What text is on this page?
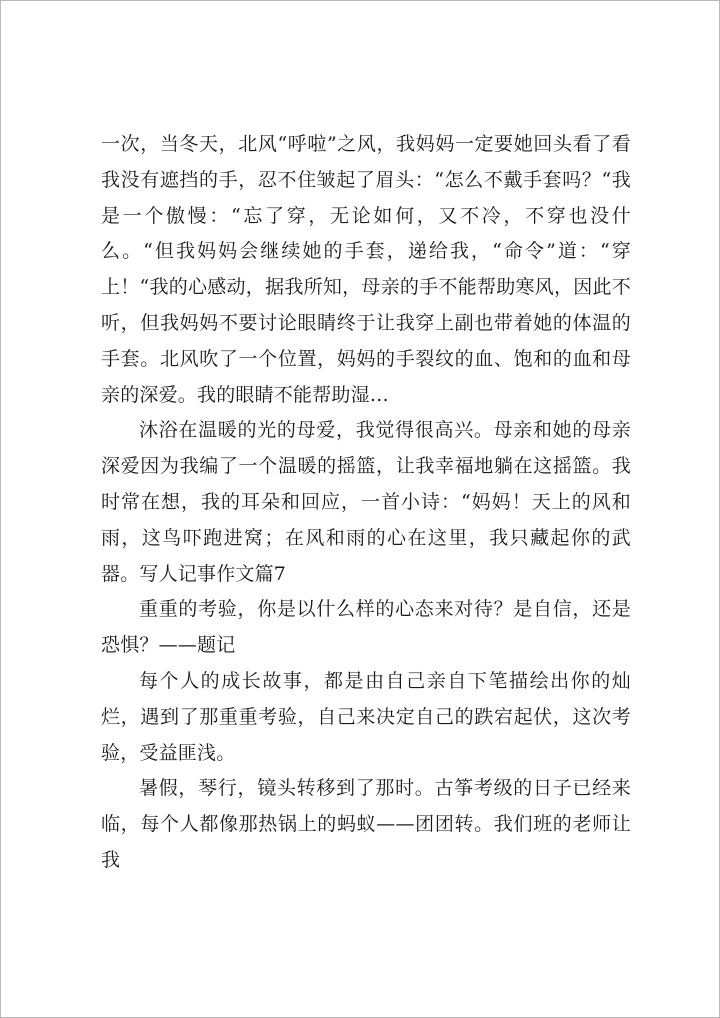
一次，当冬天，北风“呼啦”之风，我妈妈一定要她回头看了看我没有遮挡的手，忍不住皱起了眉头：“怎么不戴手套吗？“我是一个傲慢：“忘了穿，无论如何，又不冷，不穿也没什么。“但我妈妈会继续她的手套，递给我，“命令”道：“穿上！“我的心感动，据我所知，母亲的手不能帮助寒风，因此不听，但我妈妈不要讨论眼睛终于让我穿上副也带着她的体温的手套。北风吹了一个位置，妈妈的手裂纹的血、饱和的血和母亲的深爱。我的眼睛不能帮助湿…

沐浴在温暖的光的母爱，我觉得很高兴。母亲和她的母亲深爱因为我编了一个温暖的摇篮，让我幸福地躺在这摇篮。我时常在想，我的耳朵和回应，一首小诗：“妈妈！天上的风和雨，这鸟吓跑进窝；在风和雨的心在这里，我只藏起你的武器。写人记事作文篇7

重重的考验，你是以什么样的心态来对待？是自信，还是恐惧？——题记

每个人的成长故事，都是由自己亲自下笔描绘出你的灿烂，遇到了那重重考验，自己来决定自己的跌宕起伏，这次考验，受益匪浅。

暑假，琴行，镜头转移到了那时。古筝考级的日子已经来临，每个人都像那热锅上的蚂蚁——团团转。我们班的老师让我
